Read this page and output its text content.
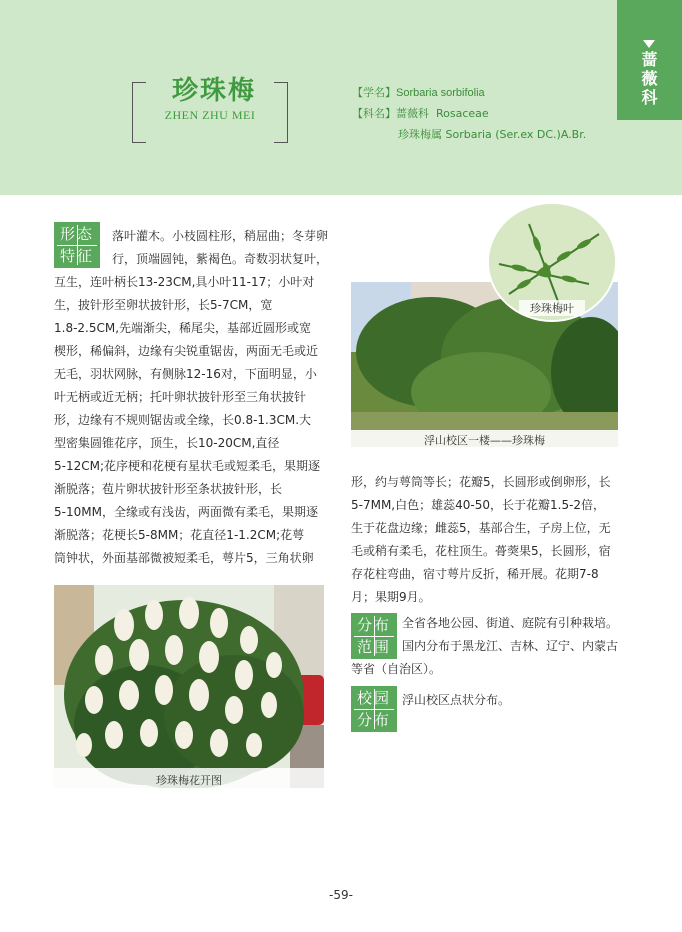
蔷
薇
科
珍珠梅
ZHEN ZHU MEI
【学名】Sorbaria sorbifolia
【科名】蔷薇科 Rosaceae
珍珠梅属 Sorbaria (Ser.ex DC.)A.Br.
形态
特征
落叶灌木。小枝圆柱形，稍屈曲；冬芽卵
行，顶端圆钝，紫褐色。奇数羽状复叶，
互生，连叶柄长13-23CM,具小叶11-17；小叶对
生，披针形至卵状披针形，长5-7CM，宽
1.8-2.5CM,先端渐尖，稀尾尖，基部近圆形或宽
楔形，稀偏斜，边缘有尖锐重锯齿，两面无毛或近
无毛，羽状网脉，有侧脉12-16对，下面明显，小
叶无柄或近无柄；托叶卵状披针形至三角状披针
形，边缘有不规则锯齿或全缘，长0.8-1.3CM.大
型密集圆锥花序，顶生，长10-20CM,直径
5-12CM;花序梗和花梗有星状毛或短柔毛，果期逐
渐脱落；苞片卵状披针形至条状披针形，长
5-10MM，全缘或有浅齿，两面微有柔毛，果期逐
渐脱落；花梗长5-8MM；花直径1-1.2CM;花萼
筒钟状，外面基部微被短柔毛，萼片5，三角状卵
珍珠梅花开图
浮山校区一楼——珍珠梅
珍珠梅叶
形，约与萼筒等长；花瓣5，长圆形或倒卵形，长
5-7MM,白色；雄蕊40-50，长于花瓣1.5-2倍，
生于花盘边缘；雌蕊5，基部合生，子房上位，无
毛或稍有柔毛，花柱顶生。蓇葖果5，长圆形，宿
存花柱弯曲，宿寸萼片反折，稀开展。花期7-8
月；果期9月。
分布
范围
全省各地公园、街道、庭院有引种栽培。
国内分布于黑龙江、吉林、辽宁、内蒙古
等省（自治区）。
校园
分布
浮山校区点状分布。
-59-
